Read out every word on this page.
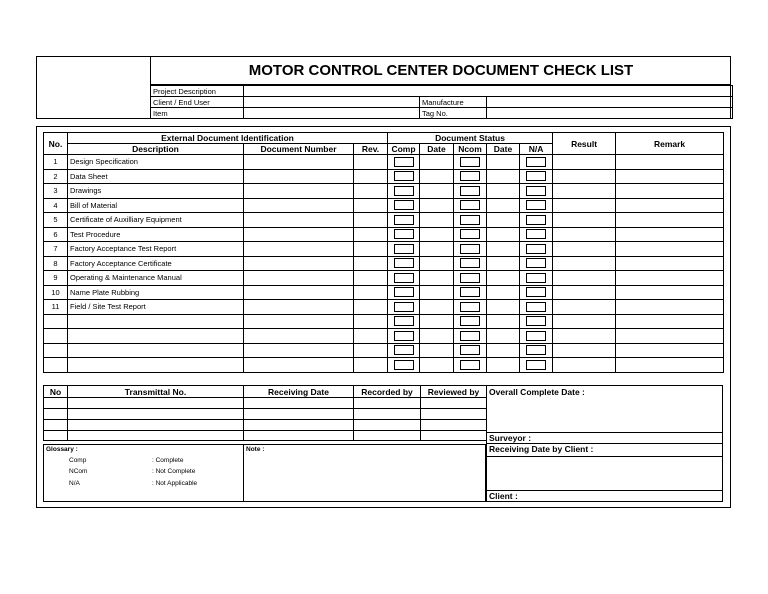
MOTOR CONTROL CENTER DOCUMENT CHECK LIST
Project Description			
Client / End User		Manufacture	
Item		Tag No.	
No.	External Document Identification			Document Status					Result	Remark
	Description	Document Number	Rev.	Comp	Date	Ncom	Date	N/A		
1	Design Specification									
2	Data Sheet									
3	Drawings									
4	Bill of Material									
5	Certificate of Auxilliary Equipment									
6	Test Procedure									
7	Factory Acceptance Test Report									
8	Factory Acceptance Certificate									
9	Operating & Maintenance Manual									
10	Name Plate Rubbing									
11	Field / Site Test Report									

No	Transmittal No.	Receiving Date	Recorded by	Reviewed by

				Overall Complete Date :
Surveyor :
Receiving Date by Client :
Client :
Glossary :
Comp	: Complete
NCom	: Not Complete
N/A	: Not Applicable
Note :
